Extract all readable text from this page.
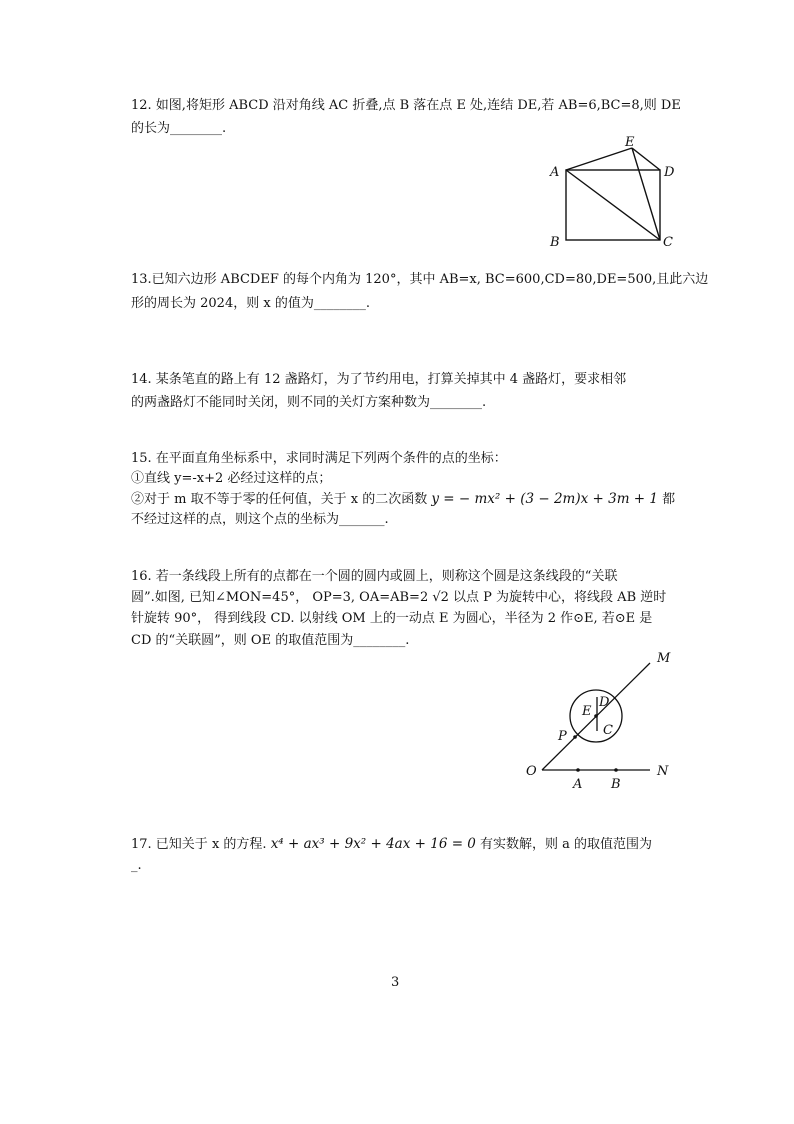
12. 如图,将矩形 ABCD 沿对角线 AC 折叠,点 B 落在点 E 处,连结 DE,若 AB=6,BC=8,则 DE
的长为________.
E
A	D
B	C
13.已知六边形 ABCDEF 的每个内角为 120°，其中 AB=x, BC=600,CD=80,DE=500,且此六边
形的周长为 2024，则 x 的值为________.
14. 某条笔直的路上有 12 盏路灯，为了节约用电，打算关掉其中 4 盏路灯，要求相邻
的两盏路灯不能同时关闭，则不同的关灯方案种数为________.
15. 在平面直角坐标系中，求同时满足下列两个条件的点的坐标：
①直线 y=-x+2 必经过这样的点；
②对于 m 取不等于零的任何值，关于 x 的二次函数 y = − mx² + (3 − 2m)x + 3m + 1 都
不经过这样的点，则这个点的坐标为_______.
16. 若一条线段上所有的点都在一个圆的圆内或圆上，则称这个圆是这条线段的“关联
圆”.如图, 已知∠MON=45°， OP=3, OA=AB=2 √2 以点 P 为旋转中心，将线段 AB 逆时
针旋转 90°， 得到线段 CD. 以射线 OM 上的一动点 E 为圆心，半径为 2 作⊙E, 若⊙E 是
CD 的“关联圆”，则 OE 的取值范围为________.
M
N
O
A B
P
E
D
C
17. 已知关于 x 的方程. x⁴ + ax³ + 9x² + 4ax + 16 = 0 有实数解，则 a 的取值范围为
_.
3
